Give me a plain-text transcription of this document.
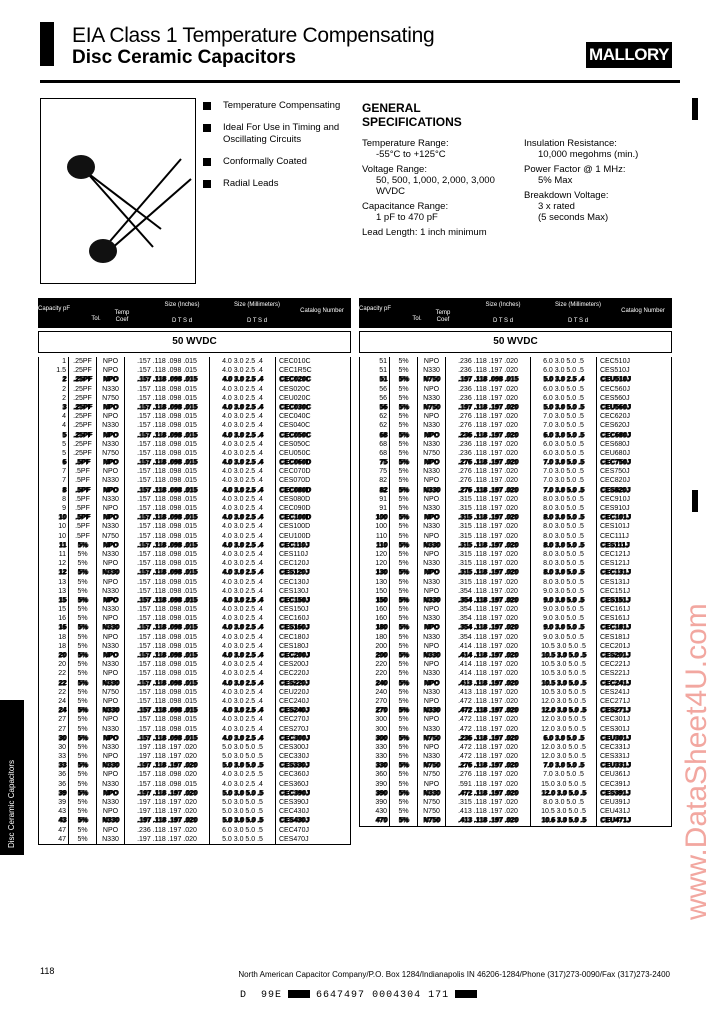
EIA Class 1 Temperature Compensating
Disc Ceramic Capacitors	MALLORY
Temperature Compensating
Ideal For Use in Timing and Oscillating Circuits
Conformally Coated
Radial Leads
GENERAL SPECIFICATIONS
Temperature Range:
-55°C to +125°C
Voltage Range:

50, 500, 1,000, 2,000, 3,000 WVDC
Capacitance Range:

1 pF to 470 pF
Lead Length: 1 inch minimum
Insulation Resistance:

10,000 megohms (min.)
Power Factor @ 1 MHz:

5% Max
Breakdown Voltage:

3 x rated
(5 seconds Max)
Disc Ceramic Capacitors
Capacity pF
Tol.
Temp Coef
Size (Inches)
D T S d
Size (Millimeters)
D T S d
Catalog Number
50 WVDC
1	.25PF	NPO	.157 .118 .098 .015	4.0 3.0 2.5 .4	CEC010C
1.5	.25PF	NPO	.157 .118 .098 .015	4.0 3.0 2.5 .4	CEC1R5C
2	.25PF	NPO	.157 .118 .098 .015	4.0 3.0 2.5 .4	CEC020C
2	.25PF	N330	.157 .118 .098 .015	4.0 3.0 2.5 .4	CES020C
2	.25PF	N750	.157 .118 .098 .015	4.0 3.0 2.5 .4	CEU020C
3	.25PF	NPO	.157 .118 .098 .015	4.0 3.0 2.5 .4	CEC030C
4	.25PF	NPO	.157 .118 .098 .015	4.0 3.0 2.5 .4	CEC040C
4	.25PF	N330	.157 .118 .098 .015	4.0 3.0 2.5 .4	CES040C
5	.25PF	NPO	.157 .118 .098 .015	4.0 3.0 2.5 .4	CEC050C
5	.25PF	N330	.157 .118 .098 .015	4.0 3.0 2.5 .4	CES050C
5	.25PF	N750	.157 .118 .098 .015	4.0 3.0 2.5 .4	CEU050C
6	.5PF	NPO	.157 .118 .098 .015	4.0 3.0 2.5 .4	CEC060D
7	.5PF	NPO	.157 .118 .098 .015	4.0 3.0 2.5 .4	CEC070D
7	.5PF	N330	.157 .118 .098 .015	4.0 3.0 2.5 .4	CES070D
8	.5PF	NPO	.157 .118 .098 .015	4.0 3.0 2.5 .4	CEC080D
8	.5PF	N330	.157 .118 .098 .015	4.0 3.0 2.5 .4	CES080D
9	.5PF	NPO	.157 .118 .098 .015	4.0 3.0 2.5 .4	CEC090D
10	.5PF	NPO	.157 .118 .098 .015	4.0 3.0 2.5 .4	CEC100D
10	.5PF	N330	.157 .118 .098 .015	4.0 3.0 2.5 .4	CES100D
10	.5PF	N750	.157 .118 .098 .015	4.0 3.0 2.5 .4	CEU100D
11	5%	NPO	.157 .118 .098 .015	4.0 3.0 2.5 .4	CEC110J
11	5%	N330	.157 .118 .098 .015	4.0 3.0 2.5 .4	CES110J
12	5%	NPO	.157 .118 .098 .015	4.0 3.0 2.5 .4	CEC120J
12	5%	N330	.157 .118 .098 .015	4.0 3.0 2.5 .4	CES120J
13	5%	NPO	.157 .118 .098 .015	4.0 3.0 2.5 .4	CEC130J
13	5%	N330	.157 .118 .098 .015	4.0 3.0 2.5 .4	CES130J
15	5%	NPO	.157 .118 .098 .015	4.0 3.0 2.5 .4	CEC150J
15	5%	N330	.157 .118 .098 .015	4.0 3.0 2.5 .4	CES150J
16	5%	NPO	.157 .118 .098 .015	4.0 3.0 2.5 .4	CEC160J
16	5%	N330	.157 .118 .098 .015	4.0 3.0 2.5 .4	CES160J
18	5%	NPO	.157 .118 .098 .015	4.0 3.0 2.5 .4	CEC180J
18	5%	N330	.157 .118 .098 .015	4.0 3.0 2.5 .4	CES180J
20	5%	NPO	.157 .118 .098 .015	4.0 3.0 2.5 .4	CEC200J
20	5%	N330	.157 .118 .098 .015	4.0 3.0 2.5 .4	CES200J
22	5%	NPO	.157 .118 .098 .015	4.0 3.0 2.5 .4	CEC220J
22	5%	N330	.157 .118 .098 .015	4.0 3.0 2.5 .4	CES220J
22	5%	N750	.157 .118 .098 .015	4.0 3.0 2.5 .4	CEU220J
24	5%	NPO	.157 .118 .098 .015	4.0 3.0 2.5 .4	CEC240J
24	5%	N330	.157 .118 .098 .015	4.0 3.0 2.5 .4	CES240J
27	5%	NPO	.157 .118 .098 .015	4.0 3.0 2.5 .4	CEC270J
27	5%	N330	.157 .118 .098 .015	4.0 3.0 2.5 .4	CES270J
30	5%	NPO	.157 .118 .098 .015	4.0 3.0 2.5 .4	CEC300J
30	5%	N330	.197 .118 .197 .020	5.0 3.0 5.0 .5	CES300J
33	5%	NPO	.197 .118 .197 .020	5.0 3.0 5.0 .5	CEC330J
33	5%	N330	.197 .118 .197 .020	5.0 3.0 5.0 .5	CES330J
36	5%	NPO	.157 .118 .098 .020	4.0 3.0 2.5 .5	CEC360J
36	5%	N330	.157 .118 .098 .015	4.0 3.0 2.5 .4	CES360J
39	5%	NPO	.197 .118 .197 .020	5.0 3.0 5.0 .5	CEC390J
39	5%	N330	.197 .118 .197 .020	5.0 3.0 5.0 .5	CES390J
43	5%	NPO	.197 .118 .197 .020	5.0 3.0 5.0 .5	CEC430J
43	5%	N330	.197 .118 .197 .020	5.0 3.0 5.0 .5	CES430J
47	5%	NPO	.236 .118 .197 .020	6.0 3.0 5.0 .5	CEC470J
47	5%	N330	.197 .118 .197 .020	5.0 3.0 5.0 .5	CES470J
Capacity pF
Tol.
Temp Coef
Size (Inches)
D T S d
Size (Millimeters)
D T S d
Catalog Number
50 WVDC
51	5%	NPO	.236 .118 .197 .020	6.0 3.0 5.0 .5	CEC510J
51	5%	N330	.236 .118 .197 .020	6.0 3.0 5.0 .5	CES510J
51	5%	N750	.197 .118 .098 .015	5.0 3.0 2.5 .4	CEU510J
56	5%	NPO	.236 .118 .197 .020	6.0 3.0 5.0 .5	CEC560J
56	5%	N330	.236 .118 .197 .020	6.0 3.0 5.0 .5	CES560J
56	5%	N750	.197 .118 .197 .020	5.0 3.0 5.0 .5	CEU560J
62	5%	NPO	.276 .118 .197 .020	7.0 3.0 5.0 .5	CEC620J
62	5%	N330	.276 .118 .197 .020	7.0 3.0 5.0 .5	CES620J
68	5%	NPO	.236 .118 .197 .020	6.0 3.0 5.0 .5	CEC680J
68	5%	N330	.236 .118 .197 .020	6.0 3.0 5.0 .5	CES680J
68	5%	N750	.236 .118 .197 .020	6.0 3.0 5.0 .5	CEU680J
75	5%	NPO	.276 .118 .197 .020	7.0 3.0 5.0 .5	CEC750J
75	5%	N330	.276 .118 .197 .020	7.0 3.0 5.0 .5	CES750J
82	5%	NPO	.276 .118 .197 .020	7.0 3.0 5.0 .5	CEC820J
82	5%	N330	.276 .118 .197 .020	7.0 3.0 5.0 .5	CES820J
91	5%	NPO	.315 .118 .197 .020	8.0 3.0 5.0 .5	CEC910J
91	5%	N330	.315 .118 .197 .020	8.0 3.0 5.0 .5	CES910J
100	5%	NPO	.315 .118 .197 .020	8.0 3.0 5.0 .5	CEC101J
100	5%	N330	.315 .118 .197 .020	8.0 3.0 5.0 .5	CES101J
110	5%	NPO	.315 .118 .197 .020	8.0 3.0 5.0 .5	CEC111J
110	5%	N330	.315 .118 .197 .020	8.0 3.0 5.0 .5	CES111J
120	5%	NPO	.315 .118 .197 .020	8.0 3.0 5.0 .5	CEC121J
120	5%	N330	.315 .118 .197 .020	8.0 3.0 5.0 .5	CES121J
130	5%	NPO	.315 .118 .197 .020	8.0 3.0 5.0 .5	CEC131J
130	5%	N330	.315 .118 .197 .020	8.0 3.0 5.0 .5	CES131J
150	5%	NPO	.354 .118 .197 .020	9.0 3.0 5.0 .5	CEC151J
150	5%	N330	.354 .118 .197 .020	9.0 3.0 5.0 .5	CES151J
160	5%	NPO	.354 .118 .197 .020	9.0 3.0 5.0 .5	CEC161J
160	5%	N330	.354 .118 .197 .020	9.0 3.0 5.0 .5	CES161J
180	5%	NPO	.354 .118 .197 .020	9.0 3.0 5.0 .5	CEC181J
180	5%	N330	.354 .118 .197 .020	9.0 3.0 5.0 .5	CES181J
200	5%	NPO	.414 .118 .197 .020	10.5 3.0 5.0 .5	CEC201J
200	5%	N330	.414 .118 .197 .020	10.5 3.0 5.0 .5	CES201J
220	5%	NPO	.414 .118 .197 .020	10.5 3.0 5.0 .5	CEC221J
220	5%	N330	.414 .118 .197 .020	10.5 3.0 5.0 .5	CES221J
240	5%	NPO	.413 .118 .197 .020	10.5 3.0 5.0 .5	CEC241J
240	5%	N330	.413 .118 .197 .020	10.5 3.0 5.0 .5	CES241J
270	5%	NPO	.472 .118 .197 .020	12.0 3.0 5.0 .5	CEC271J
270	5%	N330	.472 .118 .197 .020	12.0 3.0 5.0 .5	CES271J
300	5%	NPO	.472 .118 .197 .020	12.0 3.0 5.0 .5	CEC301J
300	5%	N330	.472 .118 .197 .020	12.0 3.0 5.0 .5	CES301J
300	5%	N750	.236 .118 .197 .020	6.0 3.0 5.0 .5	CEU301J
330	5%	NPO	.472 .118 .197 .020	12.0 3.0 5.0 .5	CEC331J
330	5%	N330	.472 .118 .197 .020	12.0 3.0 5.0 .5	CES331J
330	5%	N750	.276 .118 .197 .020	7.0 3.0 5.0 .5	CEU331J
360	5%	N750	.276 .118 .197 .020	7.0 3.0 5.0 .5	CEU361J
390	5%	NPO	.591 .118 .197 .020	15.0 3.0 5.0 .5	CEC391J
390	5%	N330	.472 .118 .197 .020	12.0 3.0 5.0 .5	CES391J
390	5%	N750	.315 .118 .197 .020	8.0 3.0 5.0 .5	CEU391J
430	5%	N750	.413 .118 .197 .020	10.5 3.0 5.0 .5	CEU431J
470	5%	N750	.413 .118 .197 .020	10.6 3.0 5.0 .5	CEU471J
118	North American Capacitor Company/P.O. Box 1284/Indianapolis IN 46206-1284/Phone (317)273-0090/Fax (317)273-2400
D 99E	6647497 0004304 171
www.DataSheet4U.com
